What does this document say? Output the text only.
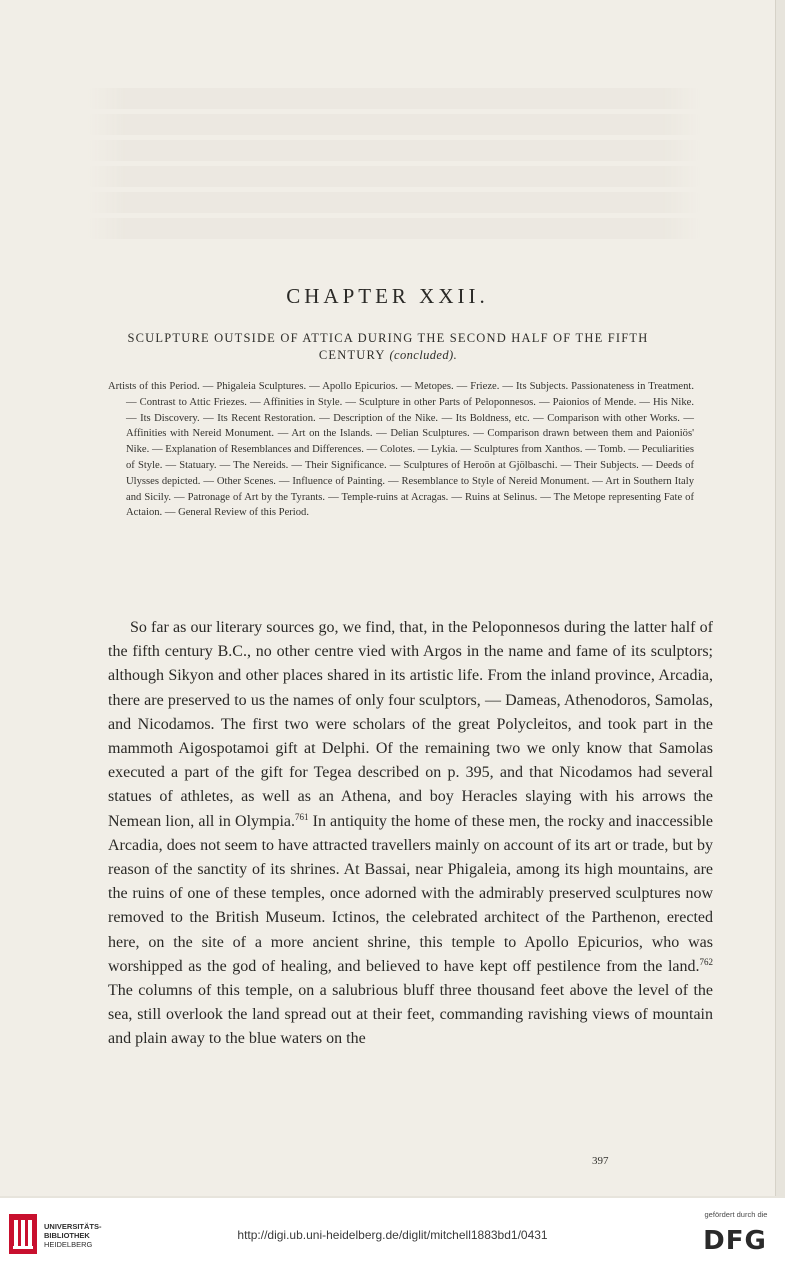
CHAPTER XXII.
SCULPTURE OUTSIDE OF ATTICA DURING THE SECOND HALF OF THE FIFTH CENTURY (concluded).
Artists of this Period. — Phigaleia Sculptures. — Apollo Epicurios. — Metopes. — Frieze. — Its Subjects. Passionateness in Treatment. — Contrast to Attic Friezes. — Affinities in Style. — Sculpture in other Parts of Peloponnesos. — Paionios of Mende. — His Nike. — Its Discovery. — Its Recent Restoration. — Description of the Nike. — Its Boldness, etc. — Comparison with other Works. — Affinities with Nereid Monument. — Art on the Islands. — Delian Sculptures. — Comparison drawn between them and Paioniös' Nike. — Explanation of Resemblances and Differences. — Colotes. — Lykia. — Sculptures from Xanthos. — Tomb. — Peculiarities of Style. — Statuary. — The Nereids. — Their Significance. — Sculptures of Heroön at Gjölbaschi. — Their Subjects. — Deeds of Ulysses depicted. — Other Scenes. — Influence of Painting. — Resemblance to Style of Nereid Monument. — Art in Southern Italy and Sicily. — Patronage of Art by the Tyrants. — Temple-ruins at Acragas. — Ruins at Selinus. — The Metope representing Fate of Actaion. — General Review of this Period.
So far as our literary sources go, we find, that, in the Peloponnesos during the latter half of the fifth century B.C., no other centre vied with Argos in the name and fame of its sculptors; although Sikyon and other places shared in its artistic life. From the inland province, Arcadia, there are preserved to us the names of only four sculptors, — Dameas, Athenodoros, Samolas, and Nicodamos. The first two were scholars of the great Polycleitos, and took part in the mammoth Aigospotamoi gift at Delphi. Of the remaining two we only know that Samolas executed a part of the gift for Tegea described on p. 395, and that Nicodamos had several statues of athletes, as well as an Athena, and boy Heracles slaying with his arrows the Nemean lion, all in Olympia.$^{761}$ In antiquity the home of these men, the rocky and inaccessible Arcadia, does not seem to have attracted travellers mainly on account of its art or trade, but by reason of the sanctity of its shrines. At Bassai, near Phigaleia, among its high mountains, are the ruins of one of these temples, once adorned with the admirably preserved sculptures now removed to the British Museum. Ictinos, the celebrated architect of the Parthenon, erected here, on the site of a more ancient shrine, this temple to Apollo Epicurios, who was worshipped as the god of healing, and believed to have kept off pestilence from the land.$^{762}$ The columns of this temple, on a salubrious bluff three thousand feet above the level of the sea, still overlook the land spread out at their feet, commanding ravishing views of mountain and plain away to the blue waters on the
397
UNIVERSITÄTS-
BIBLIOTHEK
HEIDELBERG
http://digi.ub.uni-heidelberg.de/diglit/mitchell1883bd1/0431
gefördert durch die
DFG
